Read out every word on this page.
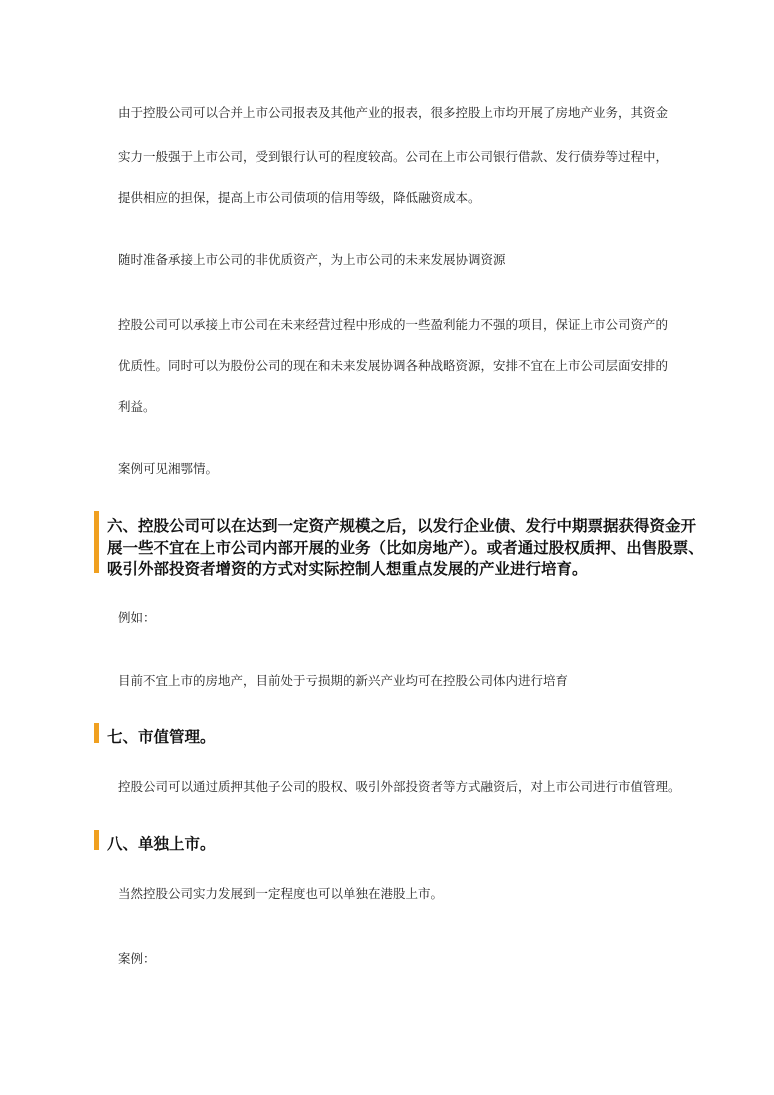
由于控股公司可以合并上市公司报表及其他产业的报表，很多控股上市均开展了房地产业务，其资金
实力一般强于上市公司，受到银行认可的程度较高。公司在上市公司银行借款、发行债券等过程中，
提供相应的担保，提高上市公司债项的信用等级，降低融资成本。
随时准备承接上市公司的非优质资产，为上市公司的未来发展协调资源
控股公司可以承接上市公司在未来经营过程中形成的一些盈利能力不强的项目，保证上市公司资产的
优质性。同时可以为股份公司的现在和未来发展协调各种战略资源，安排不宜在上市公司层面安排的
利益。
案例可见湘鄂情。
六、控股公司可以在达到一定资产规模之后，以发行企业债、发行中期票据获得资金开
展一些不宜在上市公司内部开展的业务（比如房地产）。或者通过股权质押、出售股票、
吸引外部投资者增资的方式对实际控制人想重点发展的产业进行培育。
例如：
目前不宜上市的房地产，目前处于亏损期的新兴产业均可在控股公司体内进行培育
七、市值管理。
控股公司可以通过质押其他子公司的股权、吸引外部投资者等方式融资后，对上市公司进行市值管理。
八、单独上市。
当然控股公司实力发展到一定程度也可以单独在港股上市。
案例：
